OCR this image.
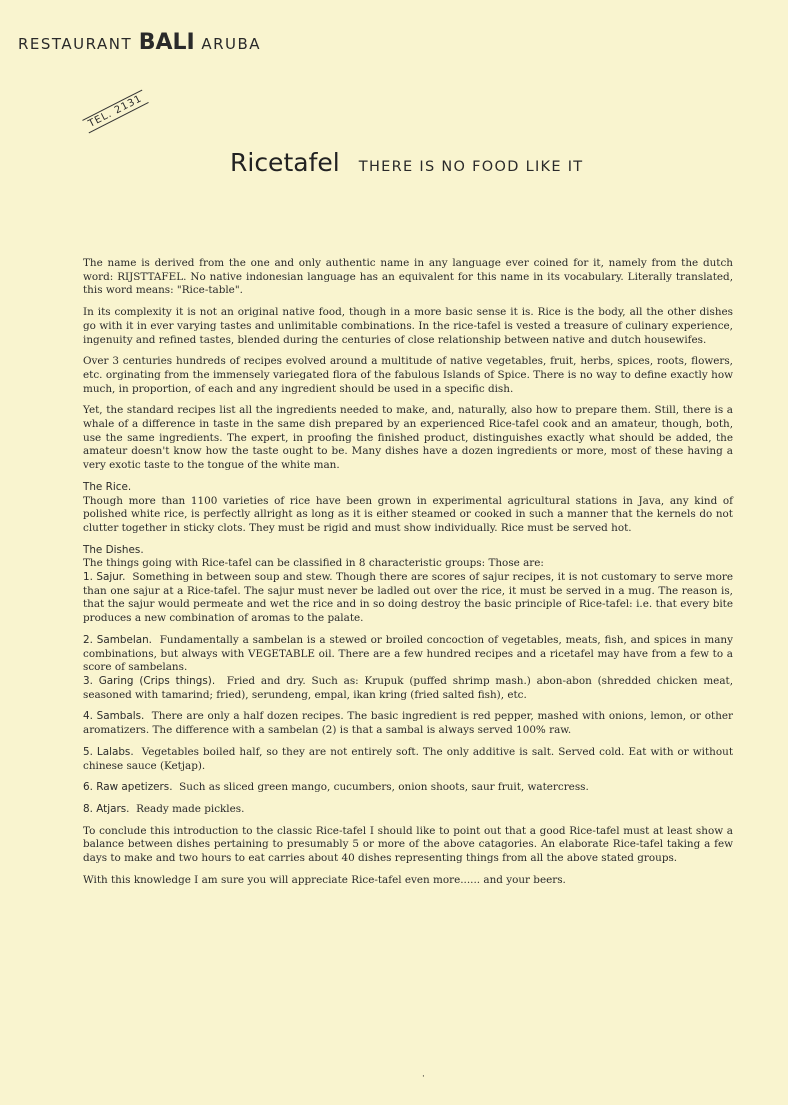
RESTAURANT BALI ARUBA
TEL. 2131
Ricetafel THERE IS NO FOOD LIKE IT

The name is derived from the one and only authentic name in any language ever coined for it, namely from the dutch word: RIJSTTAFEL. No native indonesian language has an equivalent for this name in its vocabulary. Literally translated, this word means: "Rice-table".

In its complexity it is not an original native food, though in a more basic sense it is. Rice is the body, all the other dishes go with it in ever varying tastes and unlimitable combinations. In the rice-tafel is vested a treasure of culinary experience, ingenuity and refined tastes, blended during the centuries of close relationship between native and dutch housewifes.

Over 3 centuries hundreds of recipes evolved around a multitude of native vegetables, fruit, herbs, spices, roots, flowers, etc. orginating from the immensely variegated flora of the fabulous Islands of Spice. There is no way to define exactly how much, in proportion, of each and any ingredient should be used in a specific dish.

Yet, the standard recipes list all the ingredients needed to make, and, naturally, also how to prepare them. Still, there is a whale of a difference in taste in the same dish prepared by an experienced Rice-tafel cook and an amateur, though, both, use the same ingredients. The expert, in proofing the finished product, distinguishes exactly what should be added, the amateur doesn't know how the taste ought to be. Many dishes have a dozen ingredients or more, most of these having a very exotic taste to the tongue of the white man.

The Rice.

Though more than 1100 varieties of rice have been grown in experimental agricultural stations in Java, any kind of polished white rice, is perfectly allright as long as it is either steamed or cooked in such a manner that the kernels do not clutter together in sticky clots. They must be rigid and must show individually. Rice must be served hot.

The Dishes.
The things going with Rice-tafel can be classified in 8 characteristic groups: Those are:

1. Sajur. Something in between soup and stew. Though there are scores of sajur recipes, it is not customary to serve more than one sajur at a Rice-tafel. The sajur must never be ladled out over the rice, it must be served in a mug. The reason is, that the sajur would permeate and wet the rice and in so doing destroy the basic principle of Rice-tafel: i.e. that every bite produces a new combination of aromas to the palate.

2. Sambelan. Fundamentally a sambelan is a stewed or broiled concoction of vegetables, meats, fish, and spices in many combinations, but always with VEGETABLE oil. There are a few hundred recipes and a ricetafel may have from a few to a score of sambelans.

3. Garing (Crips things). Fried and dry. Such as: Krupuk (puffed shrimp mash.) abon-abon (shredded chicken meat, seasoned with tamarind; fried), serundeng, empal, ikan kring (fried salted fish), etc.

4. Sambals. There are only a half dozen recipes. The basic ingredient is red pepper, mashed with onions, lemon, or other aromatizers. The difference with a sambelan (2) is that a sambal is always served 100% raw.

5. Lalabs. Vegetables boiled half, so they are not entirely soft. The only additive is salt. Served cold. Eat with or without chinese sauce (Ketjap).

6. Raw apetizers. Such as sliced green mango, cucumbers, onion shoots, saur fruit, watercress.

8. Atjars. Ready made pickles.

To conclude this introduction to the classic Rice-tafel I should like to point out that a good Rice-tafel must at least show a balance between dishes pertaining to presumably 5 or more of the above catagories. An elaborate Rice-tafel taking a few days to make and two hours to eat carries about 40 dishes representing things from all the above stated groups.

With this knowledge I am sure you will appreciate Rice-tafel even more...... and your beers.

·
